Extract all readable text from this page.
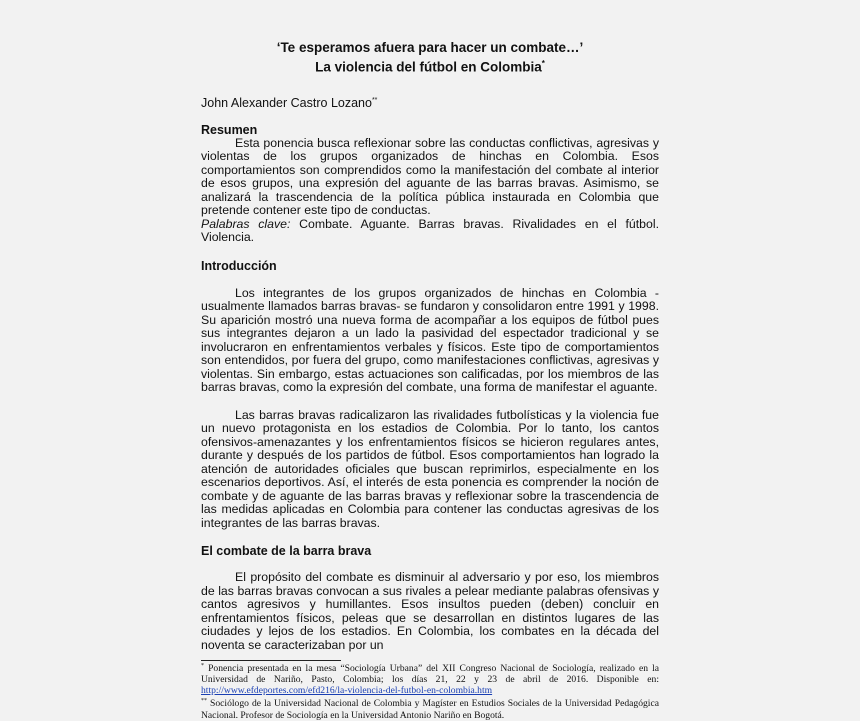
‘Te esperamos afuera para hacer un combate…’

La violencia del fútbol en Colombia*

John Alexander Castro Lozano**
Resumen

Esta ponencia busca reflexionar sobre las conductas conflictivas, agresivas y violentas de los grupos organizados de hinchas en Colombia. Esos comportamientos son comprendidos como la manifestación del combate al interior de esos grupos, una expresión del aguante de las barras bravas. Asimismo, se analizará la trascendencia de la política pública instaurada en Colombia que pretende contener este tipo de conductas.

Palabras clave: Combate. Aguante. Barras bravas. Rivalidades en el fútbol. Violencia.

Introducción

Los integrantes de los grupos organizados de hinchas en Colombia -usualmente llamados barras bravas- se fundaron y consolidaron entre 1991 y 1998. Su aparición mostró una nueva forma de acompañar a los equipos de fútbol pues sus integrantes dejaron a un lado la pasividad del espectador tradicional y se involucraron en enfrentamientos verbales y físicos. Este tipo de comportamientos son entendidos, por fuera del grupo, como manifestaciones conflictivas, agresivas y violentas. Sin embargo, estas actuaciones son calificadas, por los miembros de las barras bravas, como la expresión del combate, una forma de manifestar el aguante.

Las barras bravas radicalizaron las rivalidades futbolísticas y la violencia fue un nuevo protagonista en los estadios de Colombia. Por lo tanto, los cantos ofensivos-amenazantes y los enfrentamientos físicos se hicieron regulares antes, durante y después de los partidos de fútbol. Esos comportamientos han logrado la atención de autoridades oficiales que buscan reprimirlos, especialmente en los escenarios deportivos. Así, el interés de esta ponencia es comprender la noción de combate y de aguante de las barras bravas y reflexionar sobre la trascendencia de las medidas aplicadas en Colombia para contener las conductas agresivas de los integrantes de las barras bravas.

El combate de la barra brava

El propósito del combate es disminuir al adversario y por eso, los miembros de las barras bravas convocan a sus rivales a pelear mediante palabras ofensivas y cantos agresivos y humillantes. Esos insultos pueden (deben) concluir en enfrentamientos físicos, peleas que se desarrollan en distintos lugares de las ciudades y lejos de los estadios. En Colombia, los combates en la década del noventa se caracterizaban por un

* Ponencia presentada en la mesa “Sociología Urbana” del XII Congreso Nacional de Sociología, realizado en la Universidad de Nariño, Pasto, Colombia; los días 21, 22 y 23 de abril de 2016. Disponible en: http://www.efdeportes.com/efd216/la-violencia-del-futbol-en-colombia.htm

** Sociólogo de la Universidad Nacional de Colombia y Magíster en Estudios Sociales de la Universidad Pedagógica Nacional. Profesor de Sociología en la Universidad Antonio Nariño en Bogotá.
